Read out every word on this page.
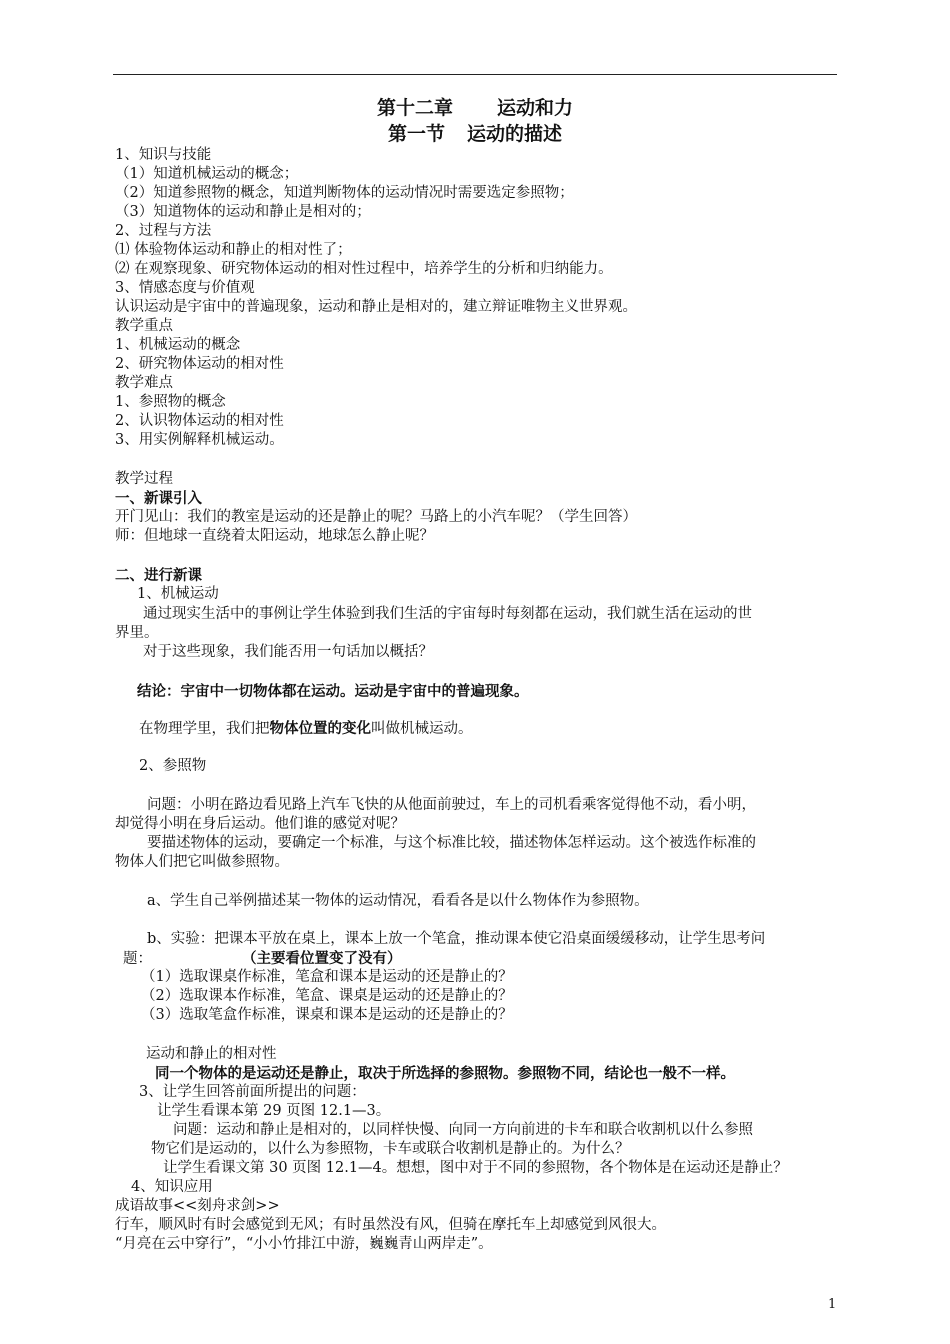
第十二章 运动和力
第一节 运动的描述
1、知识与技能
（1）知道机械运动的概念；
（2）知道参照物的概念，知道判断物体的运动情况时需要选定参照物；
（3）知道物体的运动和静止是相对的；
2、过程与方法
⑴ 体验物体运动和静止的相对性了；
⑵ 在观察现象、研究物体运动的相对性过程中，培养学生的分析和归纳能力。
3、情感态度与价值观
认识运动是宇宙中的普遍现象，运动和静止是相对的，建立辩证唯物主义世界观。
教学重点
1、机械运动的概念
2、研究物体运动的相对性
教学难点
1、参照物的概念
2、认识物体运动的相对性
3、用实例解释机械运动。
教学过程
一、新课引入
开门见山：我们的教室是运动的还是静止的呢？马路上的小汽车呢？（学生回答）
师：但地球一直绕着太阳运动，地球怎么静止呢？
二、进行新课
1、机械运动
通过现实生活中的事例让学生体验到我们生活的宇宙每时每刻都在运动，我们就生活在运动的世
界里。
对于这些现象，我们能否用一句话加以概括？
结论：宇宙中一切物体都在运动。运动是宇宙中的普遍现象。
在物理学里，我们把物体位置的变化叫做机械运动。
2、参照物
问题：小明在路边看见路上汽车飞快的从他面前驶过，车上的司机看乘客觉得他不动，看小明，
却觉得小明在身后运动。他们谁的感觉对呢？
要描述物体的运动，要确定一个标准，与这个标准比较，描述物体怎样运动。这个被选作标准的
物体人们把它叫做参照物。
a、学生自己举例描述某一物体的运动情况，看看各是以什么物体作为参照物。
b、实验：把课本平放在桌上，课本上放一个笔盒，推动课本使它沿桌面缓缓移动，让学生思考问
题：	（主要看位置变了没有）
（1）选取课桌作标准，笔盒和课本是运动的还是静止的？
（2）选取课本作标准，笔盒、课桌是运动的还是静止的？
（3）选取笔盒作标准，课桌和课本是运动的还是静止的？
运动和静止的相对性
同一个物体的是运动还是静止，取决于所选择的参照物。参照物不同，结论也一般不一样。
3、让学生回答前面所提出的问题：
让学生看课本第 29 页图 12.1—3。
问题：运动和静止是相对的，以同样快慢、向同一方向前进的卡车和联合收割机以什么参照
物它们是运动的，以什么为参照物，卡车或联合收割机是静止的。为什么？
让学生看课文第 30 页图 12.1—4。想想，图中对于不同的参照物，各个物体是在运动还是静止？
4、知识应用
成语故事<<刻舟求剑>>
行车，顺风时有时会感觉到无风；有时虽然没有风，但骑在摩托车上却感觉到风很大。
“月亮在云中穿行”，“小小竹排江中游，巍巍青山两岸走”。
1
